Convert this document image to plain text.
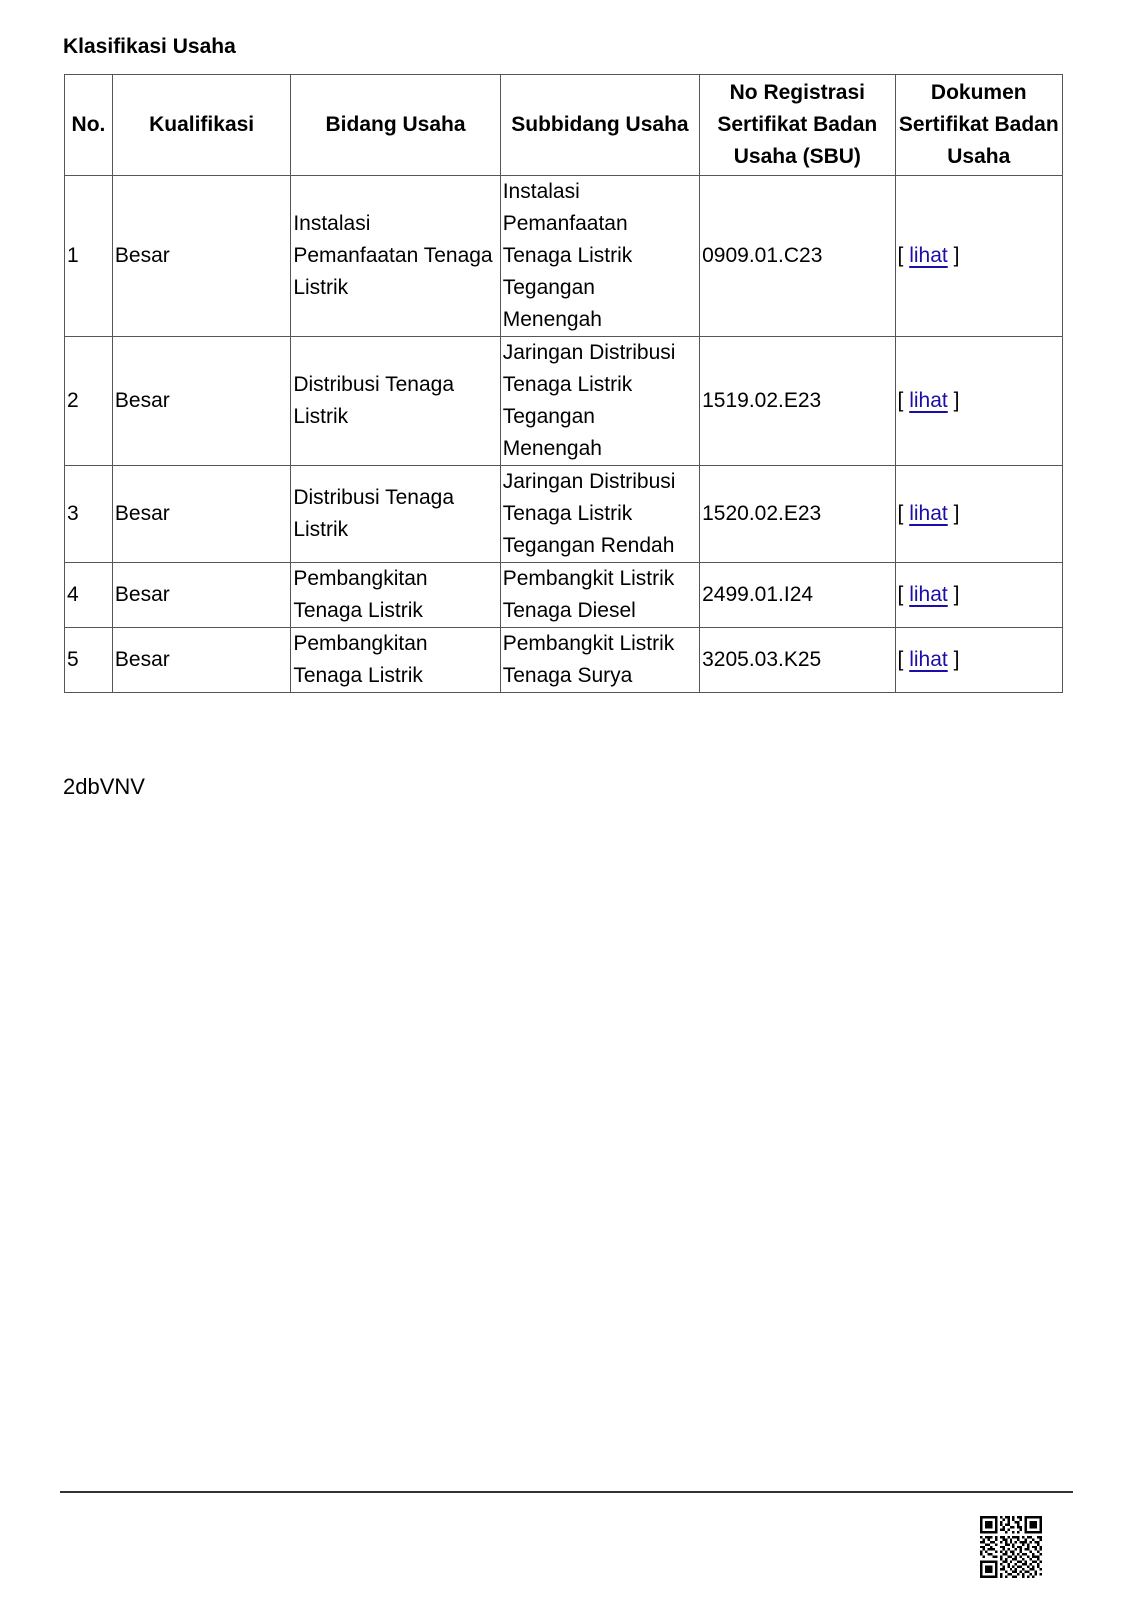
Klasifikasi Usaha
No.	Kualifikasi	Bidang Usaha	Subbidang Usaha	No Registrasi Sertifikat Badan Usaha (SBU)	Dokumen Sertifikat Badan Usaha
1	Besar	Instalasi Pemanfaatan Tenaga Listrik	Instalasi Pemanfaatan Tenaga Listrik Tegangan Menengah	0909.01.C23	[ lihat ]
2	Besar	Distribusi Tenaga Listrik	Jaringan Distribusi Tenaga Listrik Tegangan Menengah	1519.02.E23	[ lihat ]
3	Besar	Distribusi Tenaga Listrik	Jaringan Distribusi Tenaga Listrik Tegangan Rendah	1520.02.E23	[ lihat ]
4	Besar	Pembangkitan Tenaga Listrik	Pembangkit Listrik Tenaga Diesel	2499.01.I24	[ lihat ]
5	Besar	Pembangkitan Tenaga Listrik	Pembangkit Listrik Tenaga Surya	3205.03.K25	[ lihat ]
2dbVNV
